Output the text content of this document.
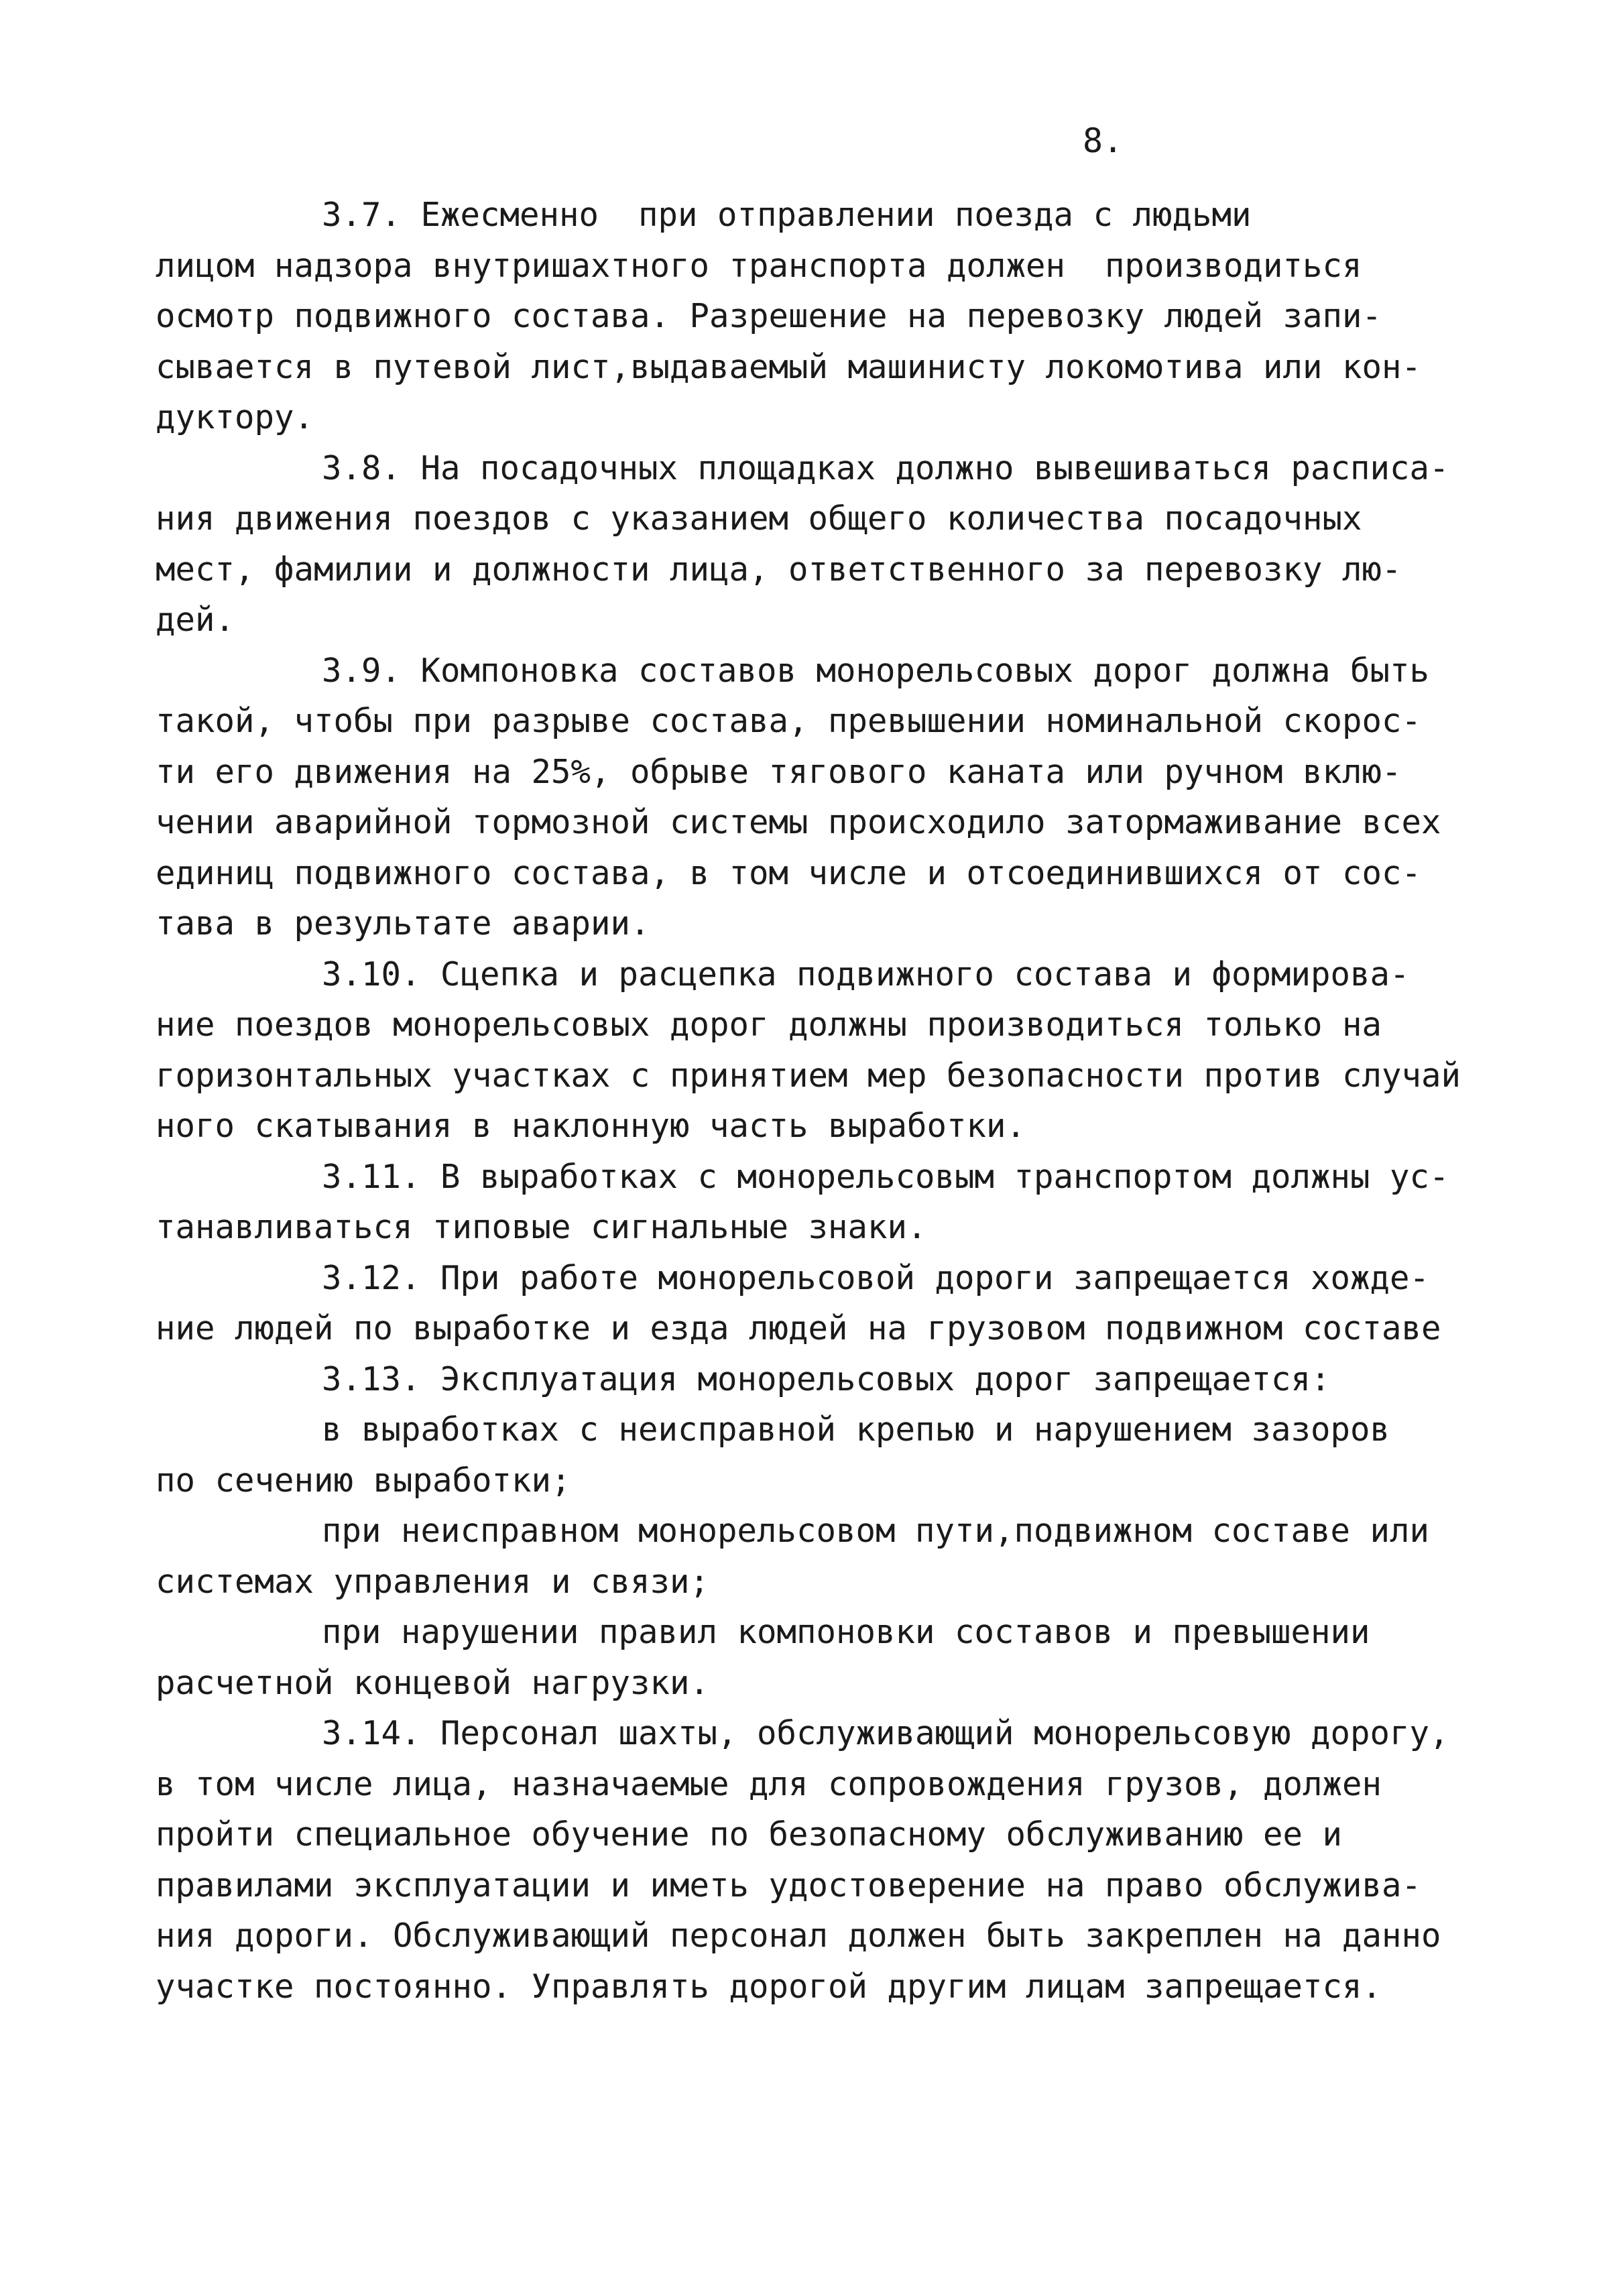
8.
3.7. Ежесменно  при отправлении поезда с людьми
лицом надзора внутришахтного транспорта должен  производиться
осмотр подвижного состава. Разрешение на перевозку людей запи-
сывается в путевой лист,выдаваемый машинисту локомотива или кон-
дуктору.
3.8. На посадочных площадках должно вывешиваться расписа-
ния движения поездов с указанием общего количества посадочных
мест, фамилии и должности лица, ответственного за перевозку лю-
дей.
3.9. Компоновка составов монорельсовых дорог должна быть
такой, чтобы при разрыве состава, превышении номинальной скорос-
ти его движения на 25%, обрыве тягового каната или ручном вклю-
чении аварийной тормозной системы происходило затормаживание всех
единиц подвижного состава, в том числе и отсоединившихся от сос-
тава в результате аварии.
3.10. Сцепка и расцепка подвижного состава и формирова-
ние поездов монорельсовых дорог должны производиться только на
горизонтальных участках с принятием мер безопасности против случай
ного скатывания в наклонную часть выработки.
3.11. В выработках с монорельсовым транспортом должны ус-
танавливаться типовые сигнальные знаки.
3.12. При работе монорельсовой дороги запрещается хожде-
ние людей по выработке и езда людей на грузовом подвижном составе
3.13. Эксплуатация монорельсовых дорог запрещается:
в выработках с неисправной крепью и нарушением зазоров
по сечению выработки;
при неисправном монорельсовом пути,подвижном составе или
системах управления и связи;
при нарушении правил компоновки составов и превышении
расчетной концевой нагрузки.
3.14. Персонал шахты, обслуживающий монорельсовую дорогу,
в том числе лица, назначаемые для сопровождения грузов, должен
пройти специальное обучение по безопасному обслуживанию ее и
правилами эксплуатации и иметь удостоверение на право обслужива-
ния дороги. Обслуживающий персонал должен быть закреплен на данно
участке постоянно. Управлять дорогой другим лицам запрещается.
